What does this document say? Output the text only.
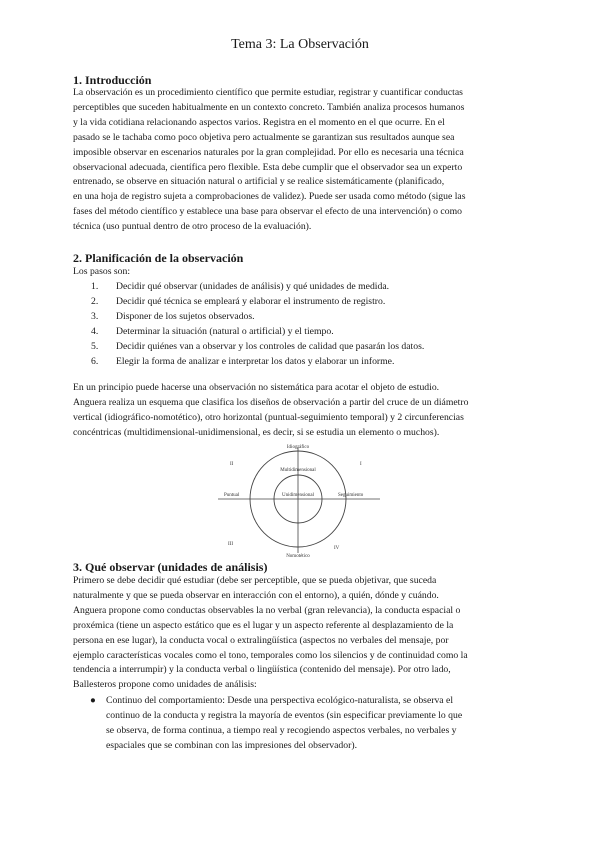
Tema 3: La Observación
1. Introducción
La observación es un procedimiento científico que permite estudiar, registrar y cuantificar conductas
perceptibles que suceden habitualmente en un contexto concreto. También analiza procesos humanos
y la vida cotidiana relacionando aspectos varios. Registra en el momento en el que ocurre. En el
pasado se le tachaba como poco objetiva pero actualmente se garantizan sus resultados aunque sea
imposible observar en escenarios naturales por la gran complejidad. Por ello es necesaria una técnica
observacional adecuada, científica pero flexible. Esta debe cumplir que el observador sea un experto
entrenado, se observe en situación natural o artificial y se realice sistemáticamente (planificado,
en una hoja de registro sujeta a comprobaciones de validez). Puede ser usada como método (sigue las
fases del método científico y establece una base para observar el efecto de una intervención) o como
técnica (uso puntual dentro de otro proceso de la evaluación).
2. Planificación de la observación
Los pasos son:
1.	Decidir qué observar (unidades de análisis) y qué unidades de medida.
2.	Decidir qué técnica se empleará y elaborar el instrumento de registro.
3.	Disponer de los sujetos observados.
4.	Determinar la situación (natural o artificial) y el tiempo.
5.	Decidir quiénes van a observar y los controles de calidad que pasarán los datos.
6.	Elegir la forma de analizar e interpretar los datos y elaborar un informe.
En un principio puede hacerse una observación no sistemática para acotar el objeto de estudio.
Anguera realiza un esquema que clasifica los diseños de observación a partir del cruce de un diámetro
vertical (idiográfico-nomotético), otro horizontal (puntual-seguimiento temporal) y 2 circunferencias
concéntricas (multidimensional-unidimensional, es decir, si se estudia un elemento o muchos).
Idiográfico
Nomotético
Puntual	Seguimiento
Multidimensional
Unidimensional
II	I
III
IV
3. Qué observar (unidades de análisis)
Primero se debe decidir qué estudiar (debe ser perceptible, que se pueda objetivar, que suceda
naturalmente y que se pueda observar en interacción con el entorno), a quién, dónde y cuándo.
Anguera propone como conductas observables la no verbal (gran relevancia), la conducta espacial o
proxémica (tiene un aspecto estático que es el lugar y un aspecto referente al desplazamiento de la
persona en ese lugar), la conducta vocal o extralingüística (aspectos no verbales del mensaje, por
ejemplo características vocales como el tono, temporales como los silencios y de continuidad como la
tendencia a interrumpir) y la conducta verbal o lingüística (contenido del mensaje). Por otro lado,
Ballesteros propone como unidades de análisis:
● Continuo del comportamiento: Desde una perspectiva ecológico-naturalista, se observa el
continuo de la conducta y registra la mayoría de eventos (sin especificar previamente lo que
se observa, de forma continua, a tiempo real y recogiendo aspectos verbales, no verbales y
espaciales que se combinan con las impresiones del observador).
